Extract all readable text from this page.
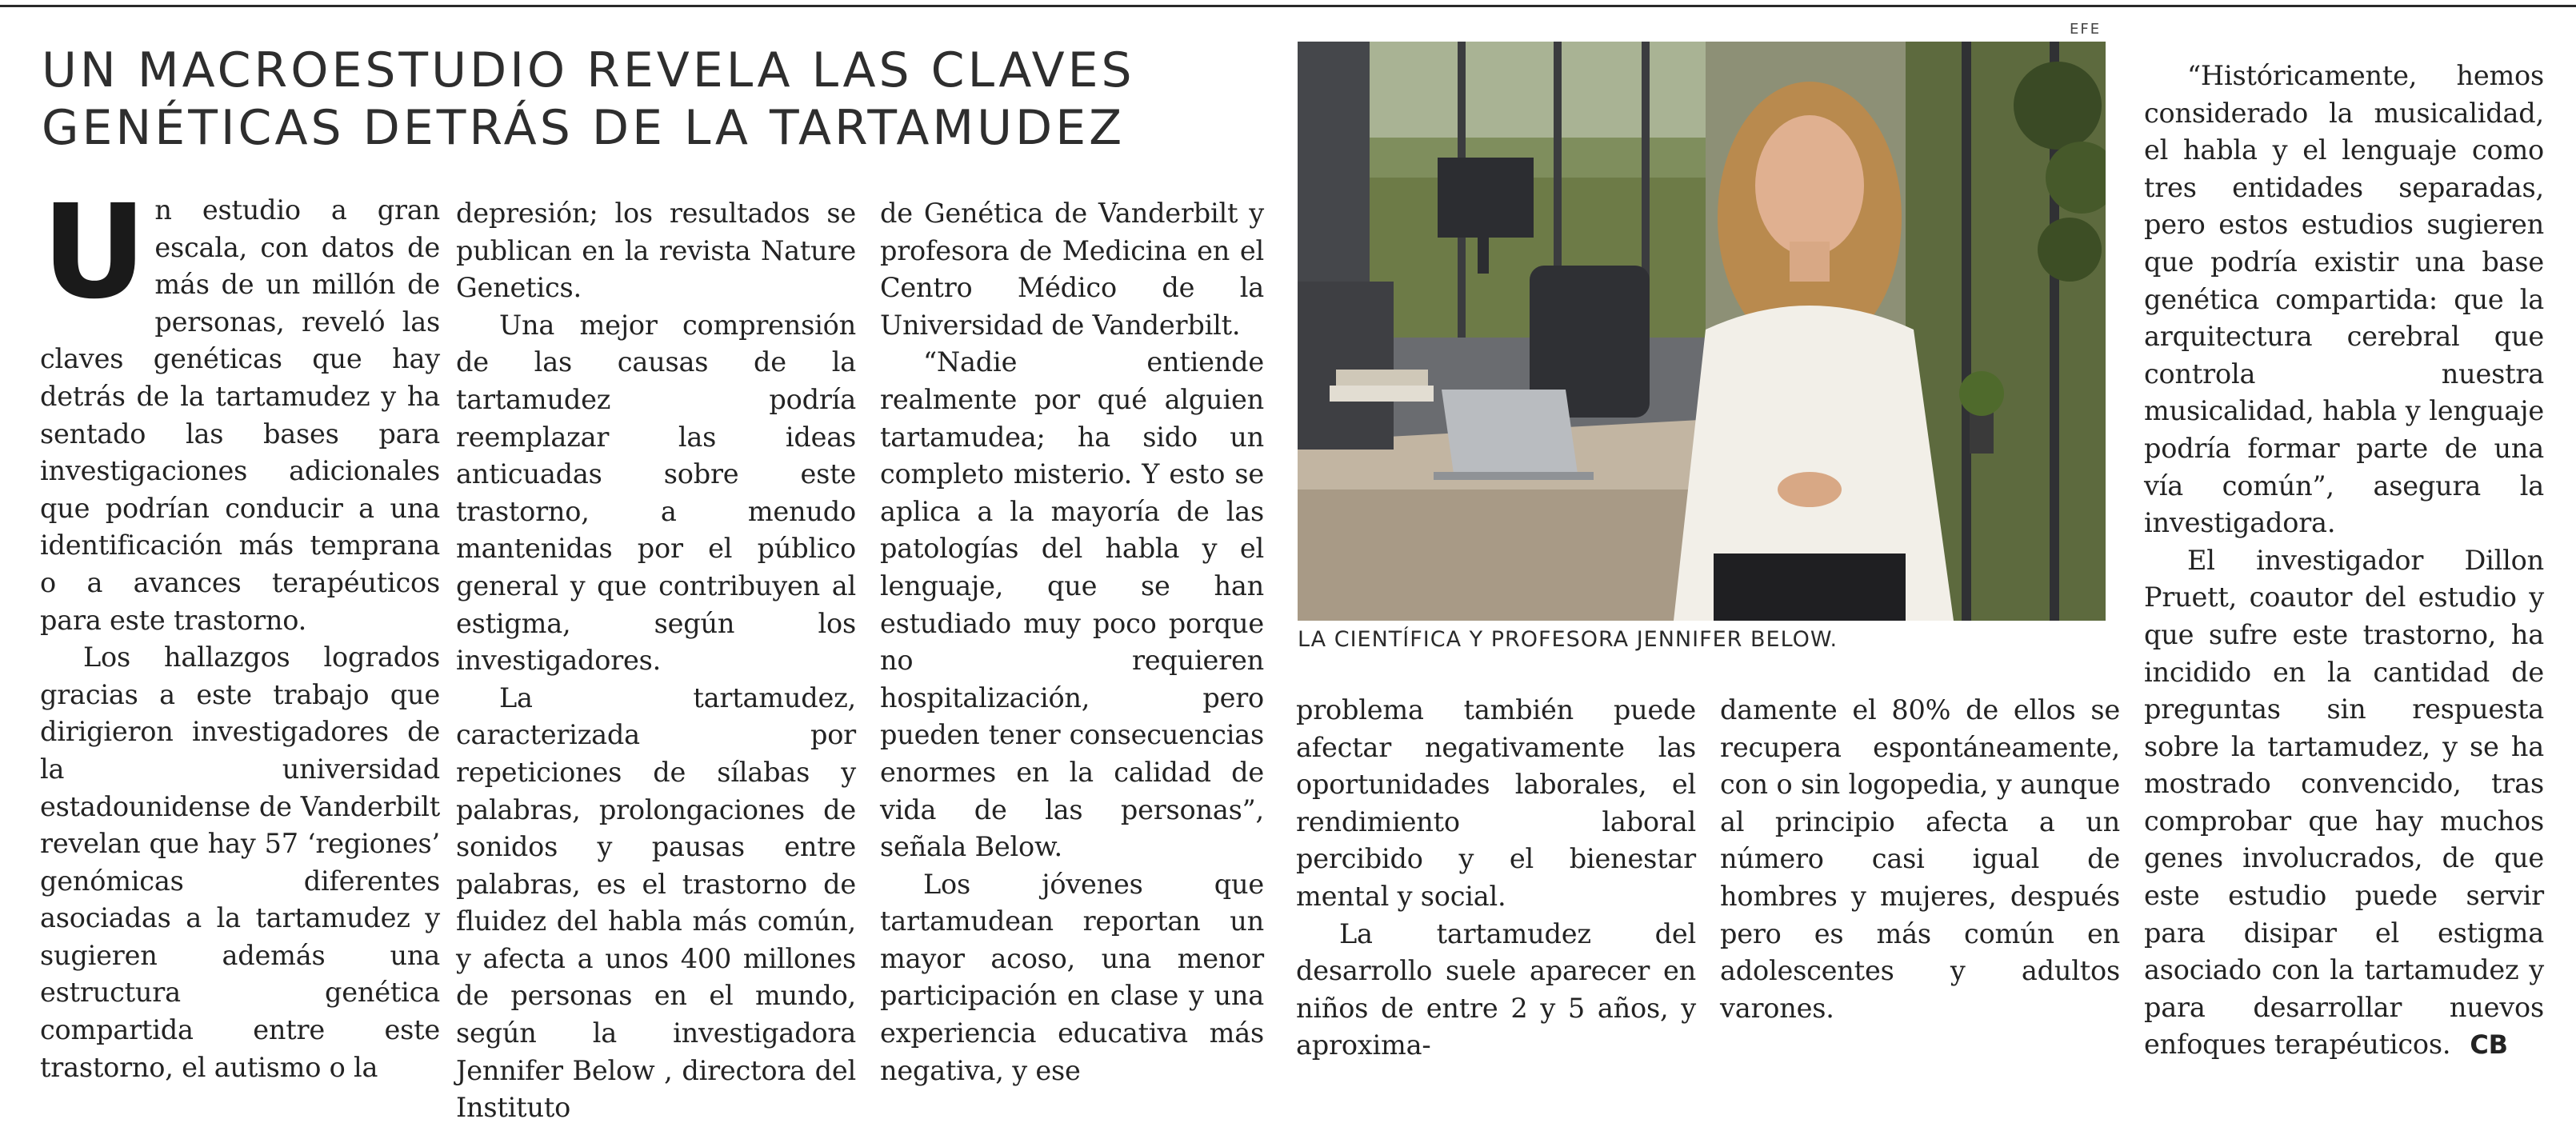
UN MACROESTUDIO REVELA LAS CLAVES
GENÉTICAS DETRÁS DE LA TARTAMUDEZ

Un estudio a gran escala, con datos de más de un millón de personas, reveló las claves genéticas que hay detrás de la tartamudez y ha sentado las bases para investigaciones adicionales que podrían conducir a una identificación más temprana o a avances terapéuticos para este trastorno.

Los hallazgos logrados gracias a este trabajo que dirigieron investigadores de la universidad estadounidense de Vanderbilt revelan que hay 57 ‘regiones’ genómicas diferentes asociadas a la tartamudez y sugieren además una estructura genética compartida entre este trastorno, el autismo o la

depresión; los resultados se publican en la revista Nature Genetics.

Una mejor comprensión de las causas de la tartamudez podría reemplazar las ideas anticuadas sobre este trastorno, a menudo mantenidas por el público general y que contribuyen al estigma, según los investigadores.

La tartamudez, caracterizada por repeticiones de sílabas y palabras, prolongaciones de sonidos y pausas entre palabras, es el trastorno de fluidez del habla más común, y afecta a unos 400 millones de personas en el mundo, según la investigadora Jennifer Below , directora del Instituto

de Genética de Vanderbilt y profesora de Medicina en el Centro Médico de la Universidad de Vanderbilt.

“Nadie entiende realmente por qué alguien tartamudea; ha sido un completo misterio. Y esto se aplica a la mayoría de las patologías del habla y el lenguaje, que se han estudiado muy poco porque no requieren hospitalización, pero pueden tener consecuencias enormes en la calidad de vida de las personas”, señala Below.

Los jóvenes que tartamudean reportan un mayor acoso, una menor participación en clase y una experiencia educativa más negativa, y ese

EFE
LA CIENTÍFICA Y PROFESORA JENNIFER BELOW.

problema también puede afectar negativamente las oportunidades laborales, el rendimiento laboral percibido y el bienestar mental y social.

La tartamudez del desarrollo suele aparecer en niños de entre 2 y 5 años, y aproxima-

damente el 80% de ellos se recupera espontáneamente, con o sin logopedia, y aunque al principio afecta a un número casi igual de hombres y mujeres, después pero es más común en adolescentes y adultos varones.

“Históricamente, hemos considerado la musicalidad, el habla y el lenguaje como tres entidades separadas, pero estos estudios sugieren que podría existir una base genética compartida: que la arquitectura cerebral que controla nuestra musicalidad, habla y lenguaje podría formar parte de una vía común”, asegura la investigadora.

El investigador Dillon Pruett, coautor del estudio y que sufre este trastorno, ha incidido en la cantidad de preguntas sin respuesta sobre la tartamudez, y se ha mostrado convencido, tras comprobar que hay muchos genes involucrados, de que este estudio puede servir para disipar el estigma asociado con la tartamudez y para desarrollar nuevos enfoques terapéuticos. CB
